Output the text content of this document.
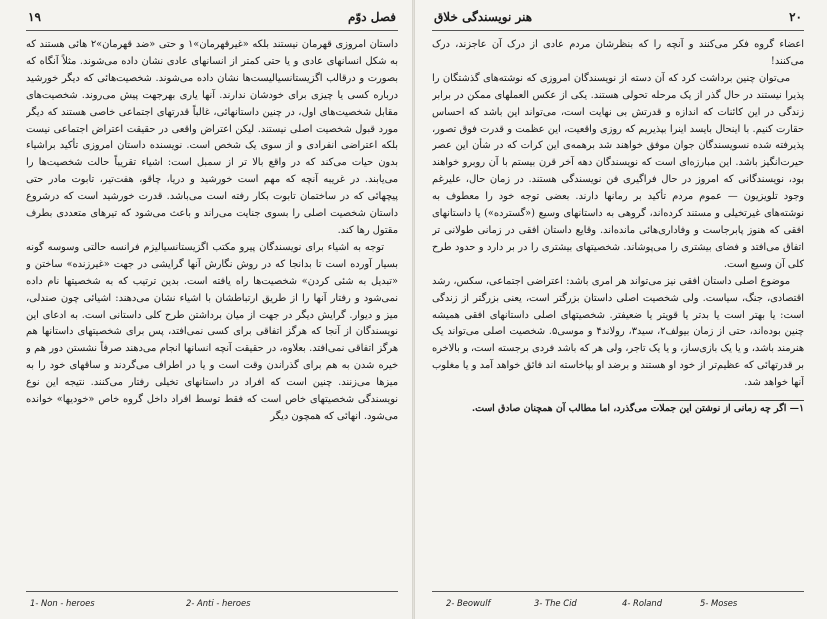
۱۹	فصل دوّم

داستان امروزی قهرمان نیستند بلکه «غیرقهرمان»۱ و حتی «ضد قهرمان»۲ هائی هستند که به شکل انسانهای عادی و یا حتی کمتر از انسانهای عادی نشان داده می‌شوند. مثلاً آنگاه که بصورت و درقالب اگزیستانسیالیست‌ها نشان داده می‌شوند. شخصیت‌هائی که دیگر خورشید درباره کسی یا چیزی برای خودشان ندارند. آنها یاری بهرجهت پیش می‌روند. شخصیت‌های مقابل شخصیت‌های اول، در چنین داستانهائی، غالباً قدرتهای اجتماعی خاصی هستند که دیگر مورد قبول شخصیت اصلی نیستند. لیکن اعتراض واقعی در حقیقت اعتراض اجتماعی نیست بلکه اعتراضی انفرادی و از سوی یک شخص است. نویسنده داستان امروزی تأکید براشیاء بدون حیات می‌کند که در واقع بالا تر از سمبل است: اشیاء تقریباً حالت شخصیت‌ها را می‌یابند. در غریبه آنچه که مهم است خورشید و دریا، چاقو، هفت‌تیر، تابوت مادر حتی پیچهائی که در ساختمان تابوت بکار رفته است می‌باشد. قدرت خورشید است که درشروع داستان شخصیت اصلی را بسوی جنایت می‌راند و باعث می‌شود که تیرهای متعددی بطرف مقتول رها کند.

توجه به اشیاء برای نویسندگان پیرو مکتب اگزیستانسیالیزم فرانسه حالتی وسوسه گونه بسیار آورده است تا بدانجا که در روش نگارش آنها گرایشی در جهت «غیرزنده» ساختن و «تبدیل به شئی کردن» شخصیت‌ها راه یافته است. بدین ترتیب که به شخصیتها نام داده نمی‌شود و رفتار آنها را از طریق ارتباطشان با اشیاء نشان می‌دهند: اشیائی چون صندلی، میز و دیوار. گرایش دیگر در جهت از میان برداشتن طرح کلی داستانی است. به ادعای این نویسندگان از آنجا که هرگز اتفاقی برای کسی نمی‌افتد، پس برای شخصیتهای داستانها هم هرگز اتفاقی نمی‌افتد. بعلاوه، در حقیقت آنچه انسانها انجام می‌دهند صرفاً نشستن دور هم و خیره شدن به هم برای گذراندن وقت است و یا در اطراف می‌گردند و ساقهای خود را به میزها می‌زنند. چنین است که افراد در داستانهای تخیلی رفتار می‌کنند. نتیجه این نوع نویسندگی شخصیتهای خاص است که فقط توسط افراد داخل گروه خاص «خودیها» خوانده می‌شود. انهائی که همچون دیگر

1- Non - heroes	2- Anti - heroes
۲۰
هنر نویسندگی خلاق

اعضاء گروه فکر می‌کنند و آنچه را که بنظرشان مردم عادی از درک آن عاجزند، درک می‌کنند!

می‌توان چنین برداشت کرد که آن دسته از نویسندگان امروزی که نوشته‌های گذشتگان را پذیرا نیستند در حال گذر از یک مرحله تحولی هستند. یکی از عکس العملهای ممکن در برابر زندگی در این کائنات که اندازه و قدرتش بی نهایت است، می‌تواند این باشد که احساس حقارت کنیم. با اینحال بایسد اینرا بپذیریم که روزی واقعیت، این عظمت و قدرت فوق تصور، پذیرفته شده نسویسندگان جوان موفق خواهند شد برهمه‌ی این کرات که در شأن این عصر حیرت‌انگیز باشد. این مبارزه‌ای است که نویسندگان دهه آخر قرن بیستم با آن روبرو خواهند بود، نویسندگانی که امروز در حال فراگیری فن نویسندگی هستند. در زمان حال، علیرغم وجود تلویزیون — عموم مردم تأکید بر رمانها دارند. بعضی توجه خود را معطوف به نوشته‌های غیرتخیلی و مستند کرده‌اند، گروهی به داستانهای وسیع («گسترده») یا داستانهای افقی که هنوز پابرجاست و وفاداری‌هائی مانده‌اند. وقایع داستان افقی در زمانی طولانی تر اتفاق می‌افتد و فضای بیشتری را می‌پوشاند. شخصیتهای بیشتری را در بر دارد و حدود طرح کلی آن وسیع است.

موضوع اصلی داستان افقی نیز می‌تواند هر امری باشد: اعتراضی اجتماعی، سکس، رشد اقتصادی، جنگ، سیاست. ولی شخصیت اصلی داستان بزرگتر است، یعنی بزرگتر از زندگی است: یا بهتر است یا بدتر یا قویتر یا ضعیفتر. شخصیتهای اصلی داستانهای افقی همیشه چنین بوده‌اند، حتی از زمان بیولف۲، سید۳، رولاند۴ و موسی۵. شخصیت اصلی می‌تواند یک هنرمند باشد، و یا یک بازی‌ساز، و یا یک تاجر، ولی هر که باشد فردی برجسته است، و بالاخره بر قدرتهائی که عظیم‌تر از خود او هستند و برضد او بپاخاسته اند فائق خواهد آمد و یا مغلوب آنها خواهد شد.

۱— اگر چه زمانی از نوشتن این جملات می‌گذرد، اما مطالب آن همچنان صادق است.

2- Beowulf	3- The Cid	4- Roland	5- Moses
